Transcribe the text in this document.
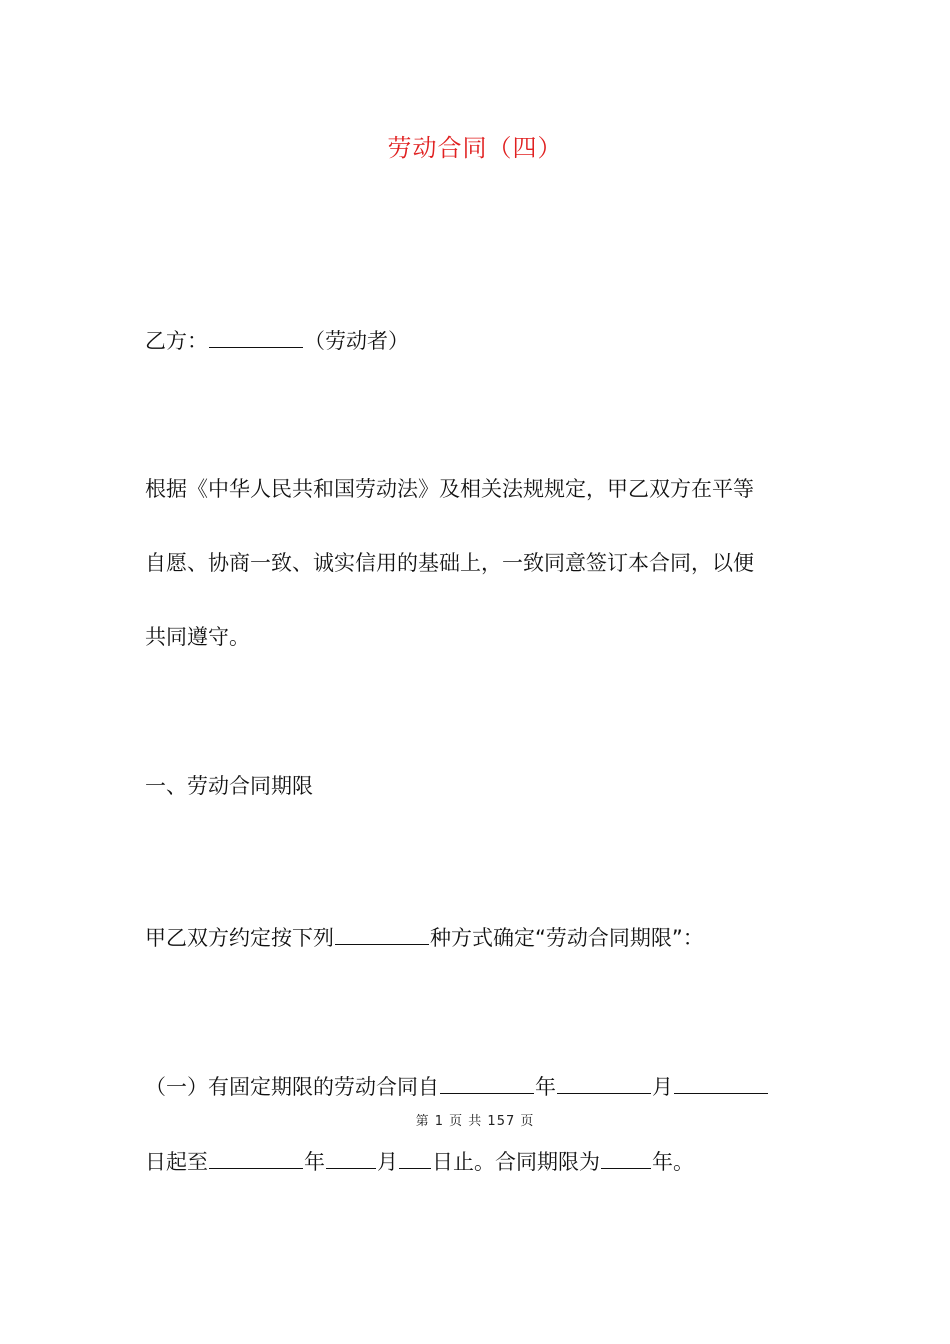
劳动合同（四）
乙方：	（劳动者）
根据《中华人民共和国劳动法》及相关法规规定，甲乙双方在平等
自愿、协商一致、诚实信用的基础上，一致同意签订本合同，以便
共同遵守。
一、劳动合同期限
甲乙双方约定按下列	种方式确定“劳动合同期限”：
（一）有固定期限的劳动合同自	年	月
第 1 页 共 157 页
日起至	年 月 日止。合同期限为 年。
